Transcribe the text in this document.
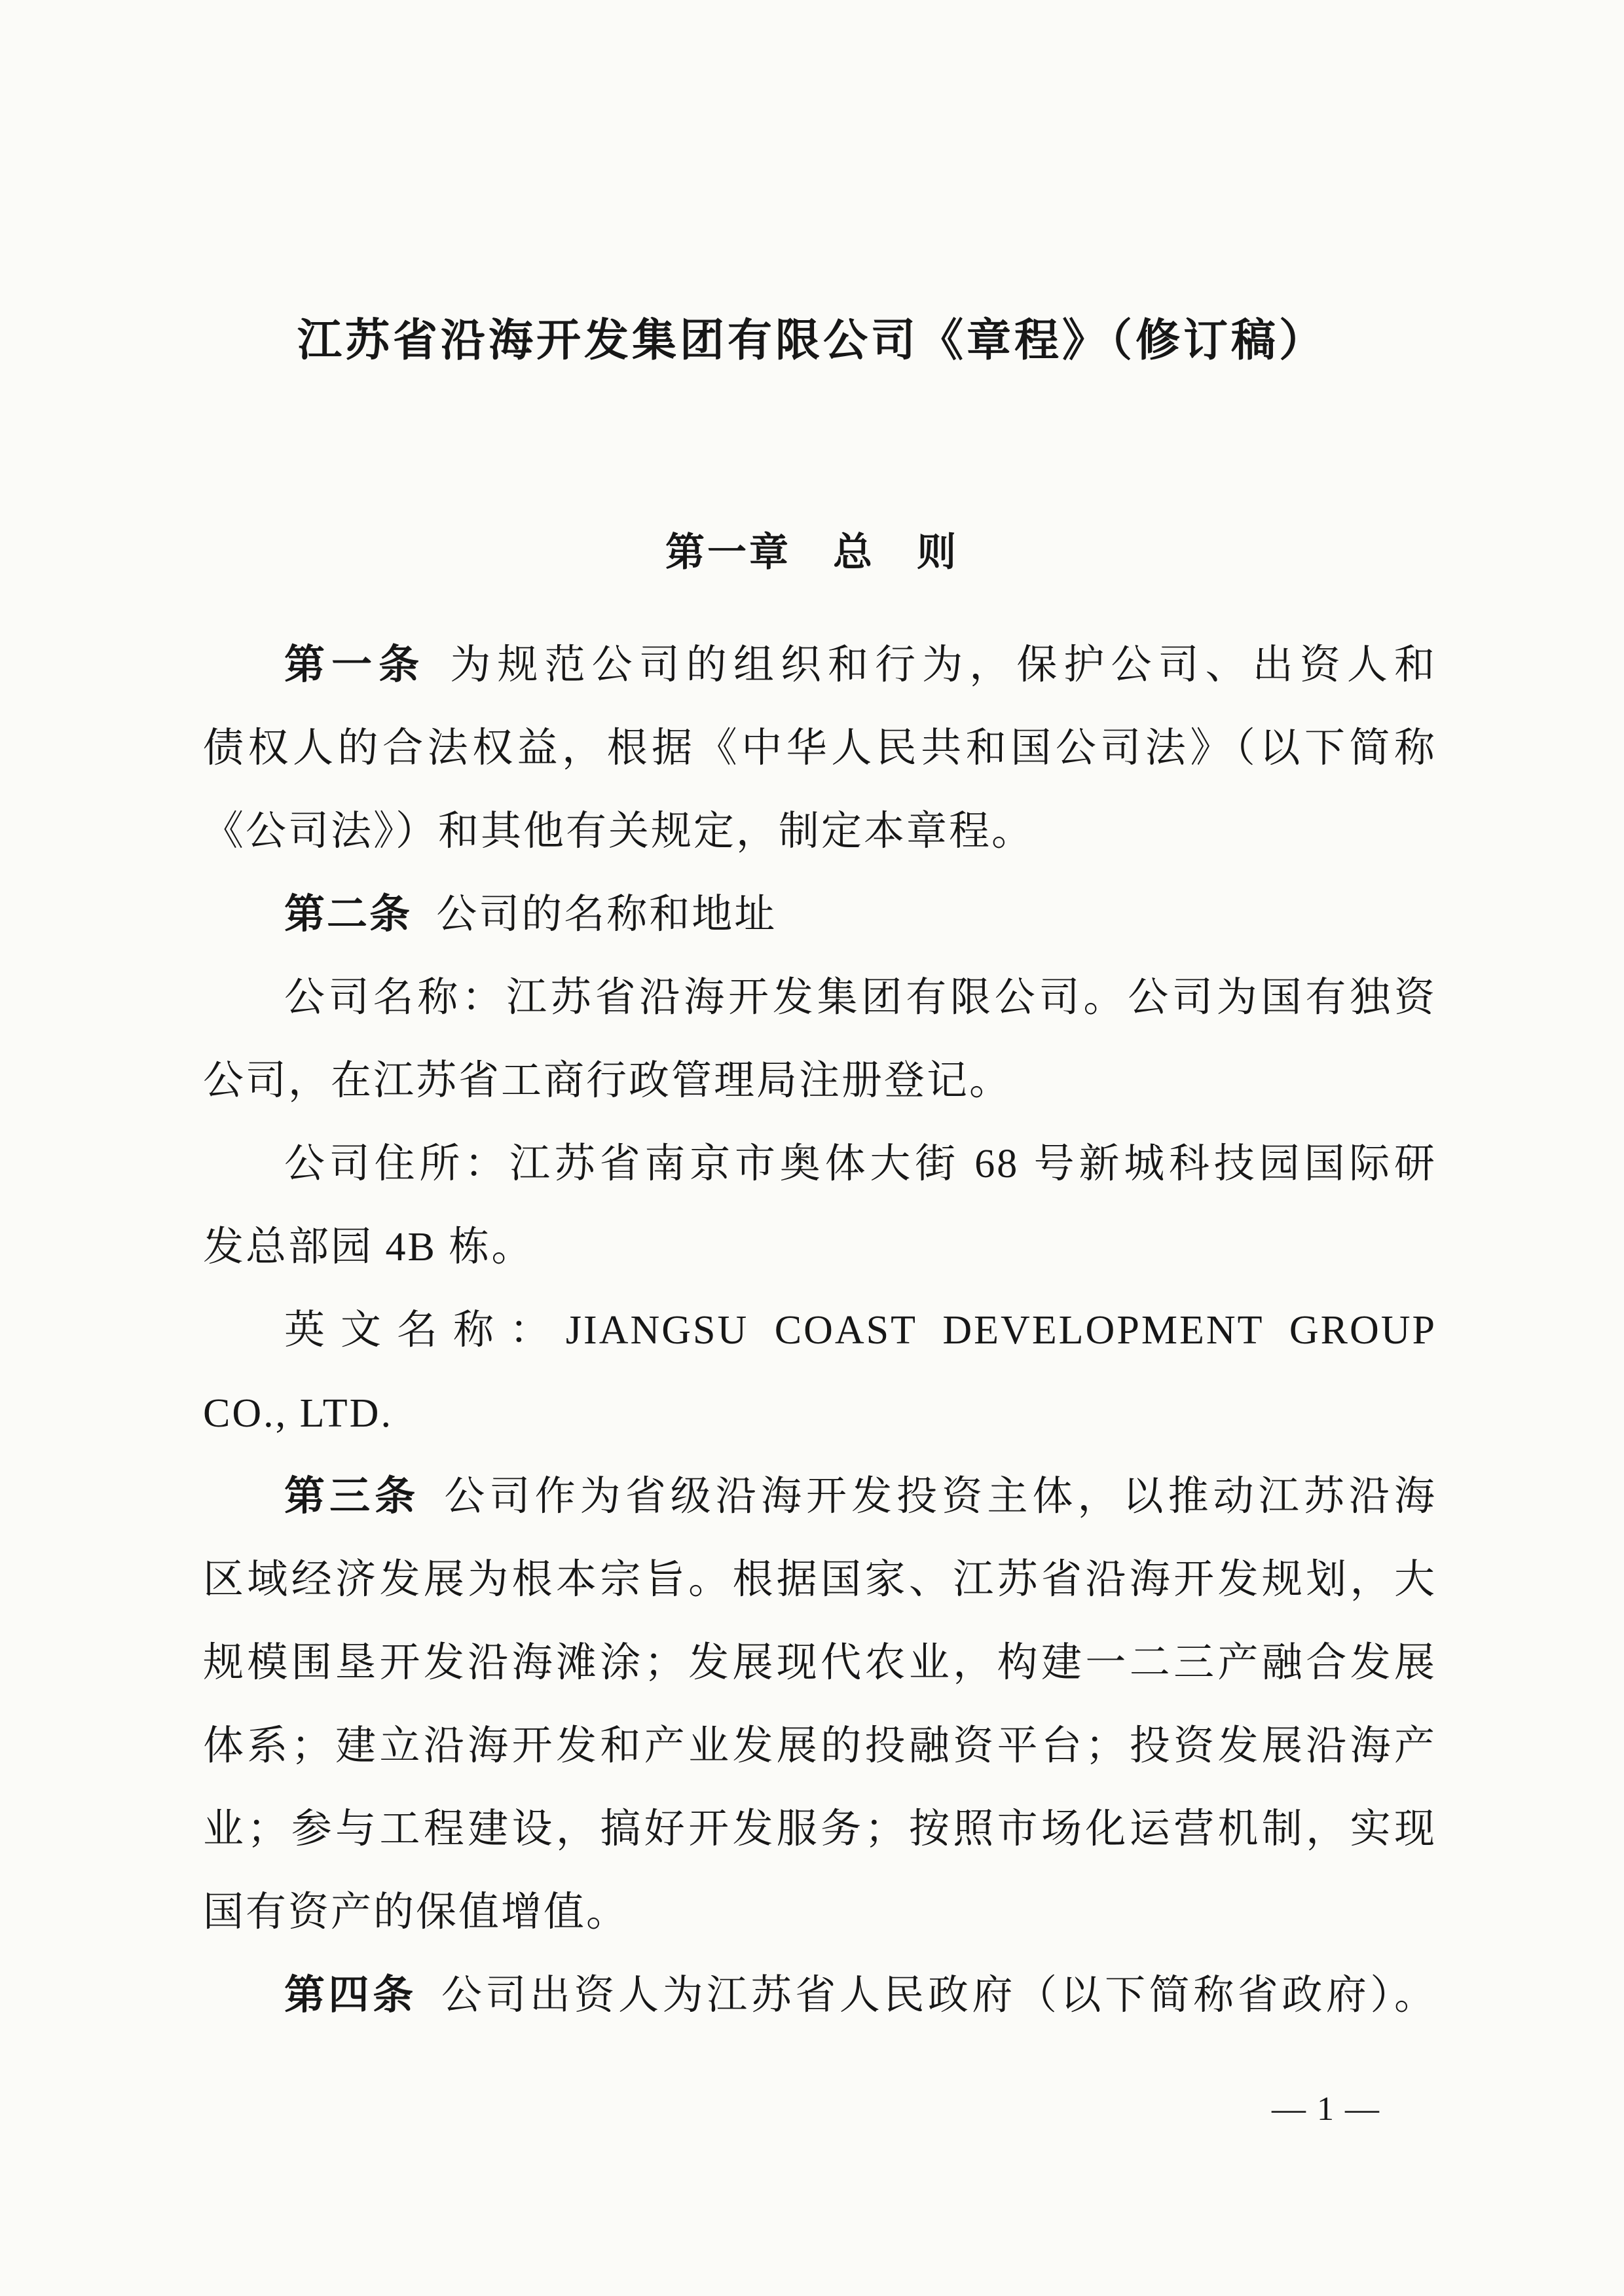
江苏省沿海开发集团有限公司《章程》（修订稿）
第一章　总　则
第一条 为规范公司的组织和行为，保护公司、出资人和
债权人的合法权益，根据《中华人民共和国公司法》（以下简称
《公司法》）和其他有关规定，制定本章程。
第二条 公司的名称和地址
公司名称：江苏省沿海开发集团有限公司。公司为国有独资
公司，在江苏省工商行政管理局注册登记。
公司住所：江苏省南京市奥体大街 68 号新城科技园国际研
发总部园 4B 栋。
英文名称：JIANGSU COAST DEVELOPMENT GROUP
CO., LTD.
第三条 公司作为省级沿海开发投资主体，以推动江苏沿海
区域经济发展为根本宗旨。根据国家、江苏省沿海开发规划，大
规模围垦开发沿海滩涂；发展现代农业，构建一二三产融合发展
体系；建立沿海开发和产业发展的投融资平台；投资发展沿海产
业；参与工程建设，搞好开发服务；按照市场化运营机制，实现
国有资产的保值增值。
第四条 公司出资人为江苏省人民政府（以下简称省政府）。
— 1 —
